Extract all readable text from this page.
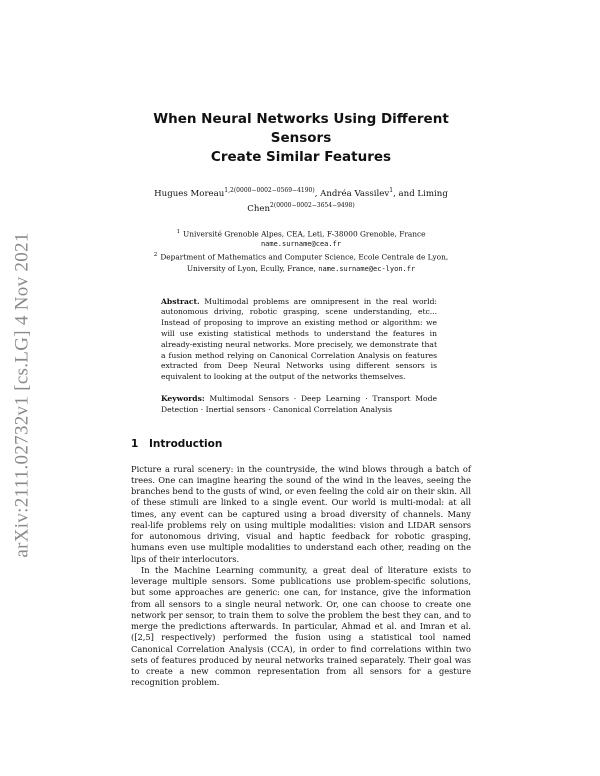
arXiv:2111.02732v1 [cs.LG] 4 Nov 2021
When Neural Networks Using Different Sensors
Create Similar Features
Hugues Moreau$^{1,2(0000-0002-0569-4190)}$, Andréa Vassilev$^1$, and Liming
Chen$^{2(0000-0002-3654-9498)}$
$^1$ Université Grenoble Alpes, CEA, Leti, F-38000 Grenoble, France
name.surname@cea.fr
$^2$ Department of Mathematics and Computer Science, Ecole Centrale de Lyon,
University of Lyon, Ecully, France, name.surname@ec-lyon.fr
Abstract. Multimodal problems are omnipresent in the real world: autonomous driving, robotic grasping, scene understanding, etc... Instead of proposing to improve an existing method or algorithm: we will use existing statistical methods to understand the features in already-existing neural networks. More precisely, we demonstrate that a fusion method relying on Canonical Correlation Analysis on features extracted from Deep Neural Networks using different sensors is equivalent to looking at the output of the networks themselves.
Keywords: Multimodal Sensors · Deep Learning · Transport Mode Detection · Inertial sensors · Canonical Correlation Analysis
1 Introduction

Picture a rural scenery: in the countryside, the wind blows through a batch of trees. One can imagine hearing the sound of the wind in the leaves, seeing the branches bend to the gusts of wind, or even feeling the cold air on their skin. All of these stimuli are linked to a single event. Our world is multi-modal: at all times, any event can be captured using a broad diversity of channels. Many real-life problems rely on using multiple modalities: vision and LIDAR sensors for autonomous driving, visual and haptic feedback for robotic grasping, humans even use multiple modalities to understand each other, reading on the lips of their interlocutors.

In the Machine Learning community, a great deal of literature exists to leverage multiple sensors. Some publications use problem-specific solutions, but some approaches are generic: one can, for instance, give the information from all sensors to a single neural network. Or, one can choose to create one network per sensor, to train them to solve the problem the best they can, and to merge the predictions afterwards. In particular, Ahmad et al. and Imran et al. ([2,5] respectively) performed the fusion using a statistical tool named Canonical Correlation Analysis (CCA), in order to find correlations within two sets of features produced by neural networks trained separately. Their goal was to create a new common representation from all sensors for a gesture recognition problem.
